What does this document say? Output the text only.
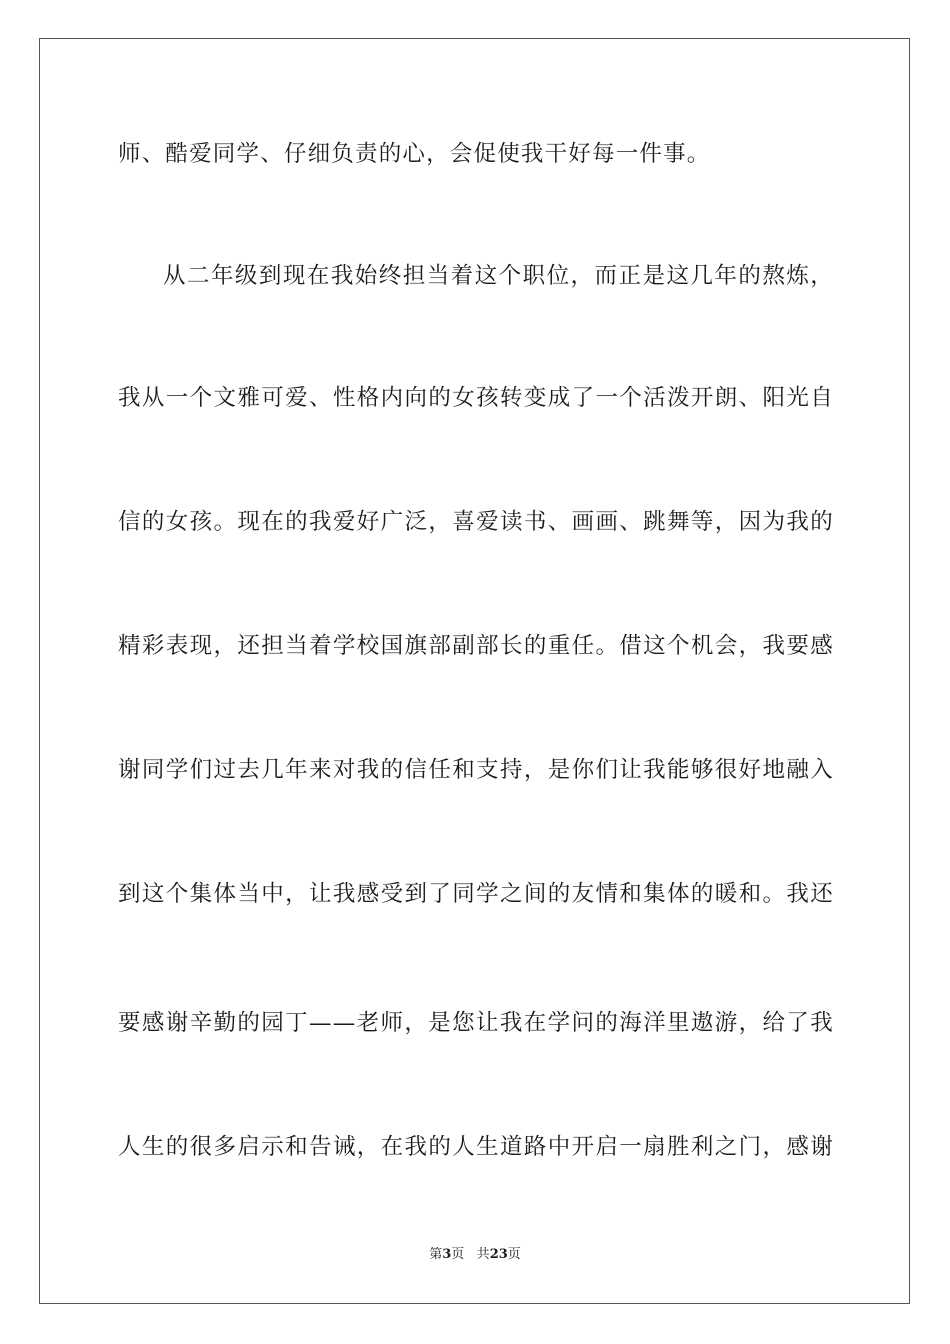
师、酷爱同学、仔细负责的心，会促使我干好每一件事。
从二年级到现在我始终担当着这个职位，而正是这几年的熬炼，
我从一个文雅可爱、性格内向的女孩转变成了一个活泼开朗、阳光自
信的女孩。现在的我爱好广泛，喜爱读书、画画、跳舞等，因为我的
精彩表现，还担当着学校国旗部副部长的重任。借这个机会，我要感
谢同学们过去几年来对我的信任和支持，是你们让我能够很好地融入
到这个集体当中，让我感受到了同学之间的友情和集体的暖和。我还
要感谢辛勤的园丁——老师，是您让我在学问的海洋里遨游，给了我
人生的很多启示和告诫，在我的人生道路中开启一扇胜利之门，感谢
第3页 共23页
